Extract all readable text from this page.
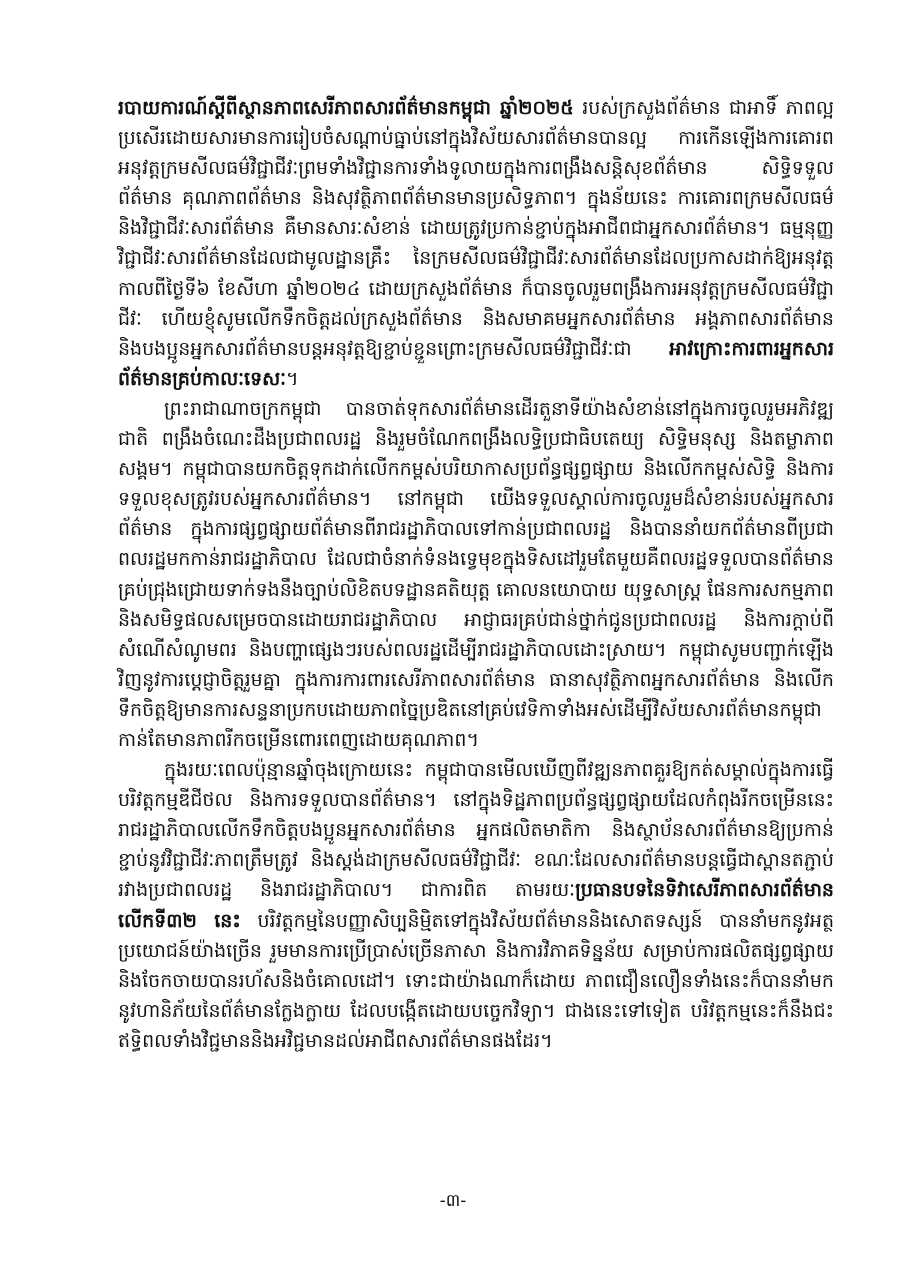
របាយការណ៍ស្ដីពីស្ថានភាពសេរីភាពសារព័ត៌មានកម្ពុជា ឆ្នាំ២០២៥ របស់ក្រសួងព័ត៌មាន ជាអាទិ៍ ភាពល្អប្រសើរដោយសារមានការរៀបចំសណ្ដាប់ធ្នាប់នៅក្នុងវិស័យសារព័ត៌មានបានល្អ ការកើនឡើងការគោរពអនុវត្តក្រមសីលធម៌វិជ្ជាជីវៈព្រមទាំងវិជ្ជានការទាំងទូលាយក្នុងការពង្រឹងសន្តិសុខព័ត៌មាន សិទ្ធិទទួលព័ត៌មាន គុណភាពព័ត៌មាន និងសុវត្ថិភាពព័ត៌មានមានប្រសិទ្ធភាព។ ក្នុងន័យនេះ ការគោរពក្រមសីលធម៌និងវិជ្ជាជីវៈសារព័ត៌មាន គឺមានសារៈសំខាន់ ដោយត្រូវប្រកាន់ខ្ជាប់ក្នុងអាជីពជាអ្នកសារព័ត៌មាន។ ធម្មនុញ្ញវិជ្ជាជីវៈសារព័ត៌មានដែលជាមូលដ្ឋានគ្រឹះ នៃក្រមសីលធម៌វិជ្ជាជីវៈសារព័ត៌មានដែលប្រកាសដាក់ឱ្យអនុវត្តកាលពីថ្ងៃទី៦ ខែសីហា ឆ្នាំ២០២៤ ដោយក្រសួងព័ត៌មាន ក៏បានចូលរួមពង្រឹងការអនុវត្តក្រមសីលធម៌វិជ្ជាជីវៈ ហើយខ្ញុំសូមលើកទឹកចិត្តដល់ក្រសួងព័ត៌មាន និងសមាគមអ្នកសារព័ត៌មាន អង្គភាពសារព័ត៌មាន និងបងប្អូនអ្នកសារព័ត៌មានបន្តអនុវត្តឱ្យខ្ជាប់ខ្ជួនព្រោះក្រមសីលធម៌វិជ្ជាជីវៈជា អាវក្រោះការពារអ្នកសារព័ត៌មានគ្រប់កាលៈទេសៈ។

ព្រះរាជាណាចក្រកម្ពុជា បានចាត់ទុកសារព័ត៌មានដើរតួនាទីយ៉ាងសំខាន់នៅក្នុងការចូលរួមអភិវឌ្ឍជាតិ ពង្រឹងចំណេះដឹងប្រជាពលរដ្ឋ និងរួមចំណែកពង្រឹងលទ្ធិប្រជាធិបតេយ្យ សិទ្ធិមនុស្ស និងតម្លាភាពសង្គម។ កម្ពុជាបានយកចិត្តទុកដាក់លើកកម្ពស់បរិយាកាសប្រព័ន្ធផ្សព្វផ្សាយ និងលើកកម្ពស់សិទ្ធិ និងការទទួលខុសត្រូវរបស់អ្នកសារព័ត៌មាន។ នៅកម្ពុជា យើងទទួលស្គាល់ការចូលរួមដ៏សំខាន់របស់អ្នកសារព័ត៌មាន ក្នុងការផ្សព្វផ្សាយព័ត៌មានពីរាជរដ្ឋាភិបាលទៅកាន់ប្រជាពលរដ្ឋ និងបាននាំយកព័ត៌មានពីប្រជាពលរដ្ឋមកកាន់រាជរដ្ឋាភិបាល ដែលជាចំនាក់ទំនងទ្វេមុខក្នុងទិសដៅរួមតែមួយគឺពលរដ្ឋទទួលបានព័ត៌មានគ្រប់ជ្រុងជ្រោយទាក់ទងនឹងច្បាប់លិខិតបទដ្ឋានគតិយុត្ត គោលនយោបាយ យុទ្ធសាស្ត្រ ផែនការសកម្មភាព និងសមិទ្ធផលសម្រេចបានដោយរាជរដ្ឋាភិបាល អាជ្ញាធរគ្រប់ជាន់ថ្នាក់ជូនប្រជាពលរដ្ឋ និងការក្តាប់ពីសំណើសំណូមពរ និងបញ្ហាផ្សេងៗរបស់ពលរដ្ឋដើម្បីរាជរដ្ឋាភិបាលដោះស្រាយ។ កម្ពុជាសូមបញ្ជាក់ឡើងវិញនូវការប្ដេជ្ញាចិត្តរួមគ្នា ក្នុងការការពារសេរីភាពសារព័ត៌មាន ធានាសុវត្ថិភាពអ្នកសារព័ត៌មាន និងលើកទឹកចិត្តឱ្យមានការសន្ទនាប្រកបដោយភាពច្នៃប្រឌិតនៅគ្រប់វេទិកាទាំងអស់ដើម្បីវិស័យសារព័ត៌មានកម្ពុជាកាន់តែមានភាពរីកចម្រើនពោរពេញដោយគុណភាព។

ក្នុងរយៈពេលប៉ុន្មានឆ្នាំចុងក្រោយនេះ កម្ពុជាបានមើលឃើញពីវឌ្ឍនភាពគួរឱ្យកត់សម្គាល់ក្នុងការធ្វើបរិវត្តកម្មឌីជីថល និងការទទួលបានព័ត៌មាន។ នៅក្នុងទិដ្ឋភាពប្រព័ន្ធផ្សព្វផ្សាយដែលកំពុងរីកចម្រើននេះ រាជរដ្ឋាភិបាលលើកទឹកចិត្តបងប្អូនអ្នកសារព័ត៌មាន អ្នកផលិតមាតិកា និងស្ថាប័នសារព័ត៌មានឱ្យប្រកាន់ខ្ជាប់នូវវិជ្ជាជីវៈភាពត្រឹមត្រូវ និងស្តង់ដាក្រមសីលធម៌វិជ្ជាជីវៈ ខណៈដែលសារព័ត៌មានបន្តធ្វើជាស្ពានតភ្ជាប់រវាងប្រជាពលរដ្ឋ និងរាជរដ្ឋាភិបាល។ ជាការពិត តាមរយៈប្រធានបទនៃទិវាសេរីភាពសារព័ត៌មានលើកទី៣២ នេះ បរិវត្តកម្មនៃបញ្ញាសិប្បនិម្មិតទៅក្នុងវិស័យព័ត៌មាននិងសោតទស្សន៍ បាននាំមកនូវអត្ថប្រយោជន៍យ៉ាងច្រើន រួមមានការប្រើប្រាស់ច្រើនភាសា និងការវិភាគទិន្នន័យ សម្រាប់ការផលិតផ្សព្វផ្សាយ និងចែកចាយបានរហ័សនិងចំគោលដៅ។ ទោះជាយ៉ាងណាក៏ដោយ ភាពជឿនលឿនទាំងនេះក៏បាននាំមកនូវហានិភ័យនៃព័ត៌មានក្លែងក្លាយ ដែលបង្កើតដោយបច្ចេកវិទ្យា។ ជាងនេះទៅទៀត បរិវត្តកម្មនេះក៏នឹងជះឥទ្ធិពលទាំងវិជ្ជមាននិងអវិជ្ជមានដល់អាជីពសារព័ត៌មានផងដែរ។

-៣-
